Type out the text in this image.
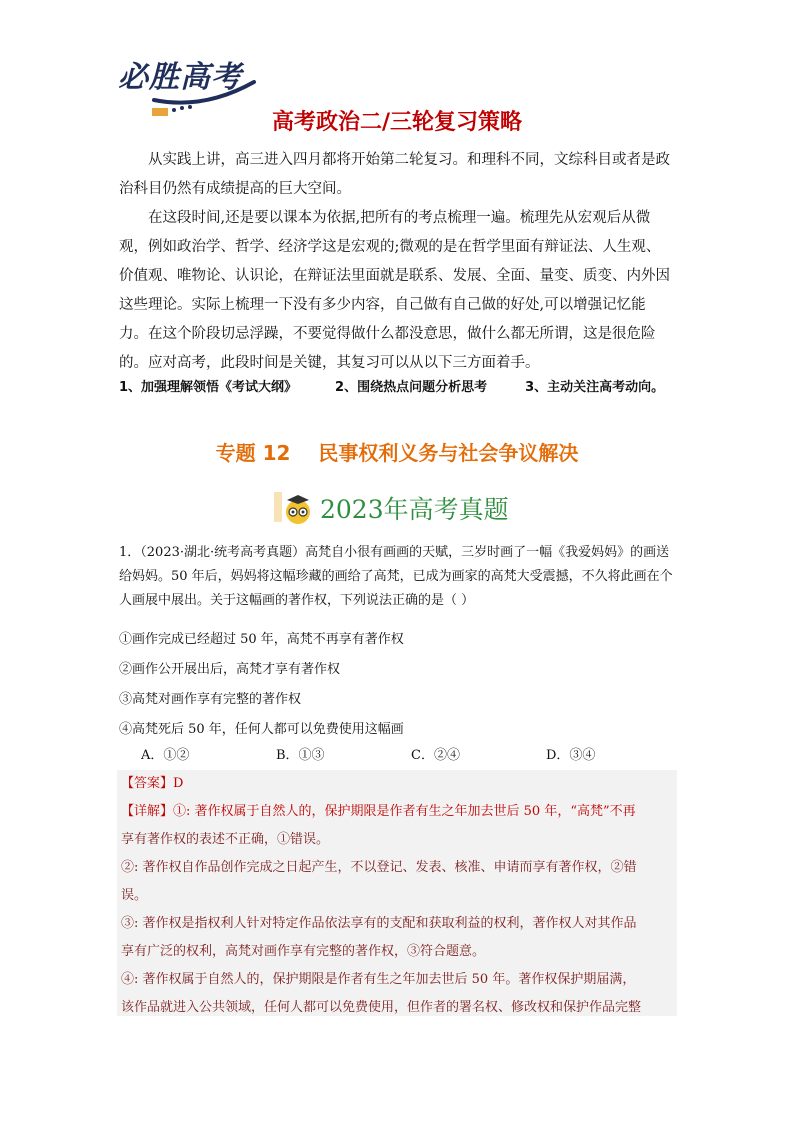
必胜高考
高考政治二/三轮复习策略

从实践上讲，高三进入四月都将开始第二轮复习。和理科不同，文综科目或者是政治科目仍然有成绩提高的巨大空间。

在这段时间,还是要以课本为依据,把所有的考点梳理一遍。梳理先从宏观后从微观，例如政治学、哲学、经济学这是宏观的;微观的是在哲学里面有辩证法、人生观、价值观、唯物论、认识论，在辩证法里面就是联系、发展、全面、量变、质变、内外因这些理论。实际上梳理一下没有多少内容，自己做有自己做的好处,可以增强记忆能力。 在这个阶段切忌浮躁，不要觉得做什么都没意思，做什么都无所谓，这是很危险的。应对高考，此段时间是关键，其复习可以从以下三方面着手。

1、加强理解领悟《考试大纲》	2、围绕热点问题分析思考	3、主动关注高考动向。
专题 12    民事权利义务与社会争议解决
2023年高考真题

1．（2023·湖北·统考高考真题）高梵自小很有画画的天赋，三岁时画了一幅《我爱妈妈》的画送给妈妈。50 年后，妈妈将这幅珍藏的画给了高梵，已成为画家的高梵大受震撼，不久将此画在个人画展中展出。关于这幅画的著作权，下列说法正确的是（ ）

①画作完成已经超过 50 年，高梵不再享有著作权

②画作公开展出后，高梵才享有著作权

③高梵对画作享有完整的著作权

④高梵死后 50 年，任何人都可以免费使用这幅画

A．①②	B．①③	C．②④	D．③④

【答案】D

【详解】①: 著作权属于自然人的，保护期限是作者有生之年加去世后 50 年，“高梵”不再

享有著作权的表述不正确，①错误。

②: 著作权自作品创作完成之日起产生，不以登记、发表、核准、申请而享有著作权，②错

误。

③: 著作权是指权利人针对特定作品依法享有的支配和获取利益的权利，著作权人对其作品

享有广泛的权利，高梵对画作享有完整的著作权，③符合题意。

④: 著作权属于自然人的，保护期限是作者有生之年加去世后 50 年。著作权保护期届满，

该作品就进入公共领域，任何人都可以免费使用，但作者的署名权、修改权和保护作品完整
